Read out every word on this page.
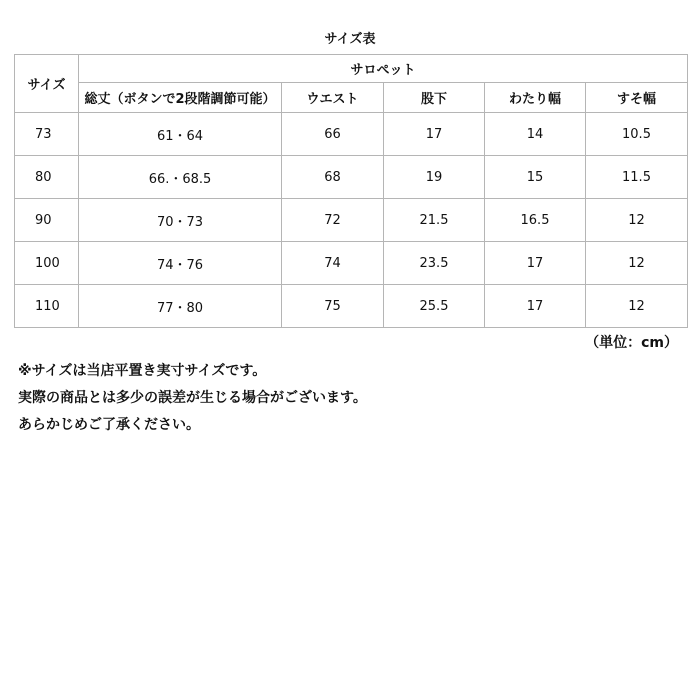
サイズ表
サイズ	サロペット				
	総丈（ボタンで2段階調節可能）	ウエスト	股下	わたり幅	すそ幅
73	61・64	66	17	14	10.5
80	66.・68.5	68	19	15	11.5
90	70・73	72	21.5	16.5	12
100	74・76	74	23.5	17	12
110	77・80	75	25.5	17	12
（単位：cm）
※サイズは当店平置き実寸サイズです。
実際の商品とは多少の誤差が生じる場合がございます。
あらかじめご了承ください。
